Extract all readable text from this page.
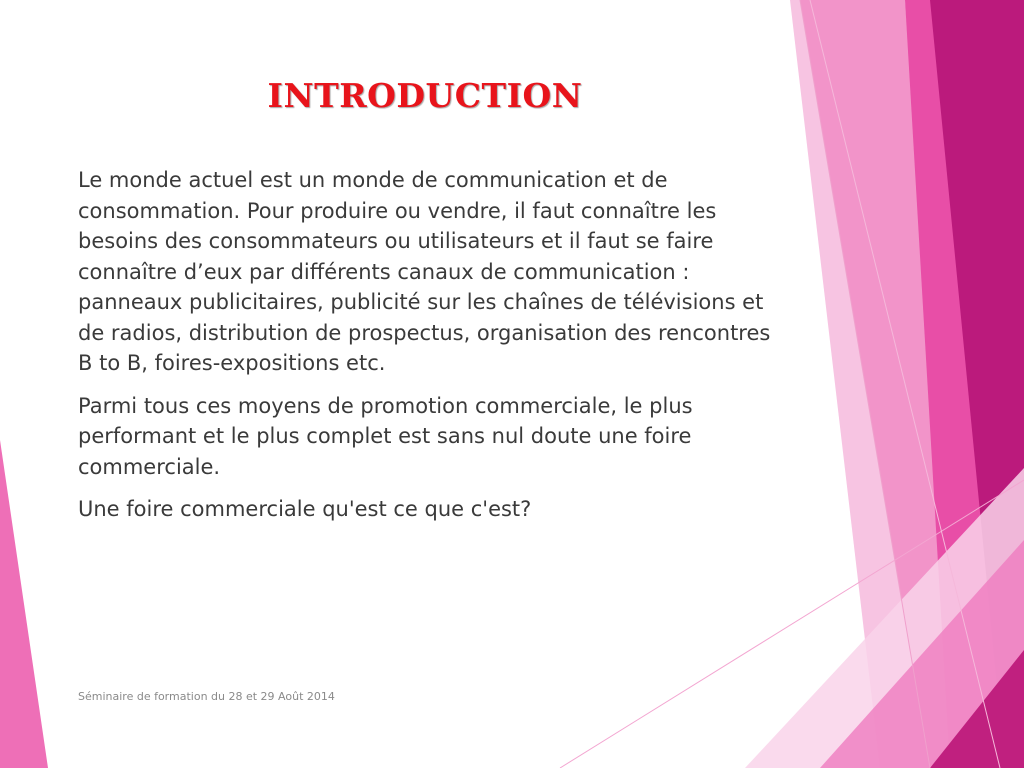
INTRODUCTION

Le monde actuel est un monde de communication et de consommation. Pour produire ou vendre, il faut connaître les besoins des consommateurs ou utilisateurs et il faut se faire connaître d’eux par différents canaux de communication : panneaux publicitaires, publicité sur les chaînes de télévisions et de radios, distribution de prospectus, organisation des rencontres B to B, foires-expositions etc.

Parmi tous ces moyens de promotion commerciale, le plus performant et le plus complet est sans nul doute une foire commerciale.

Une foire commerciale qu'est ce que c'est?

Séminaire de formation du 28 et 29 Août 2014
